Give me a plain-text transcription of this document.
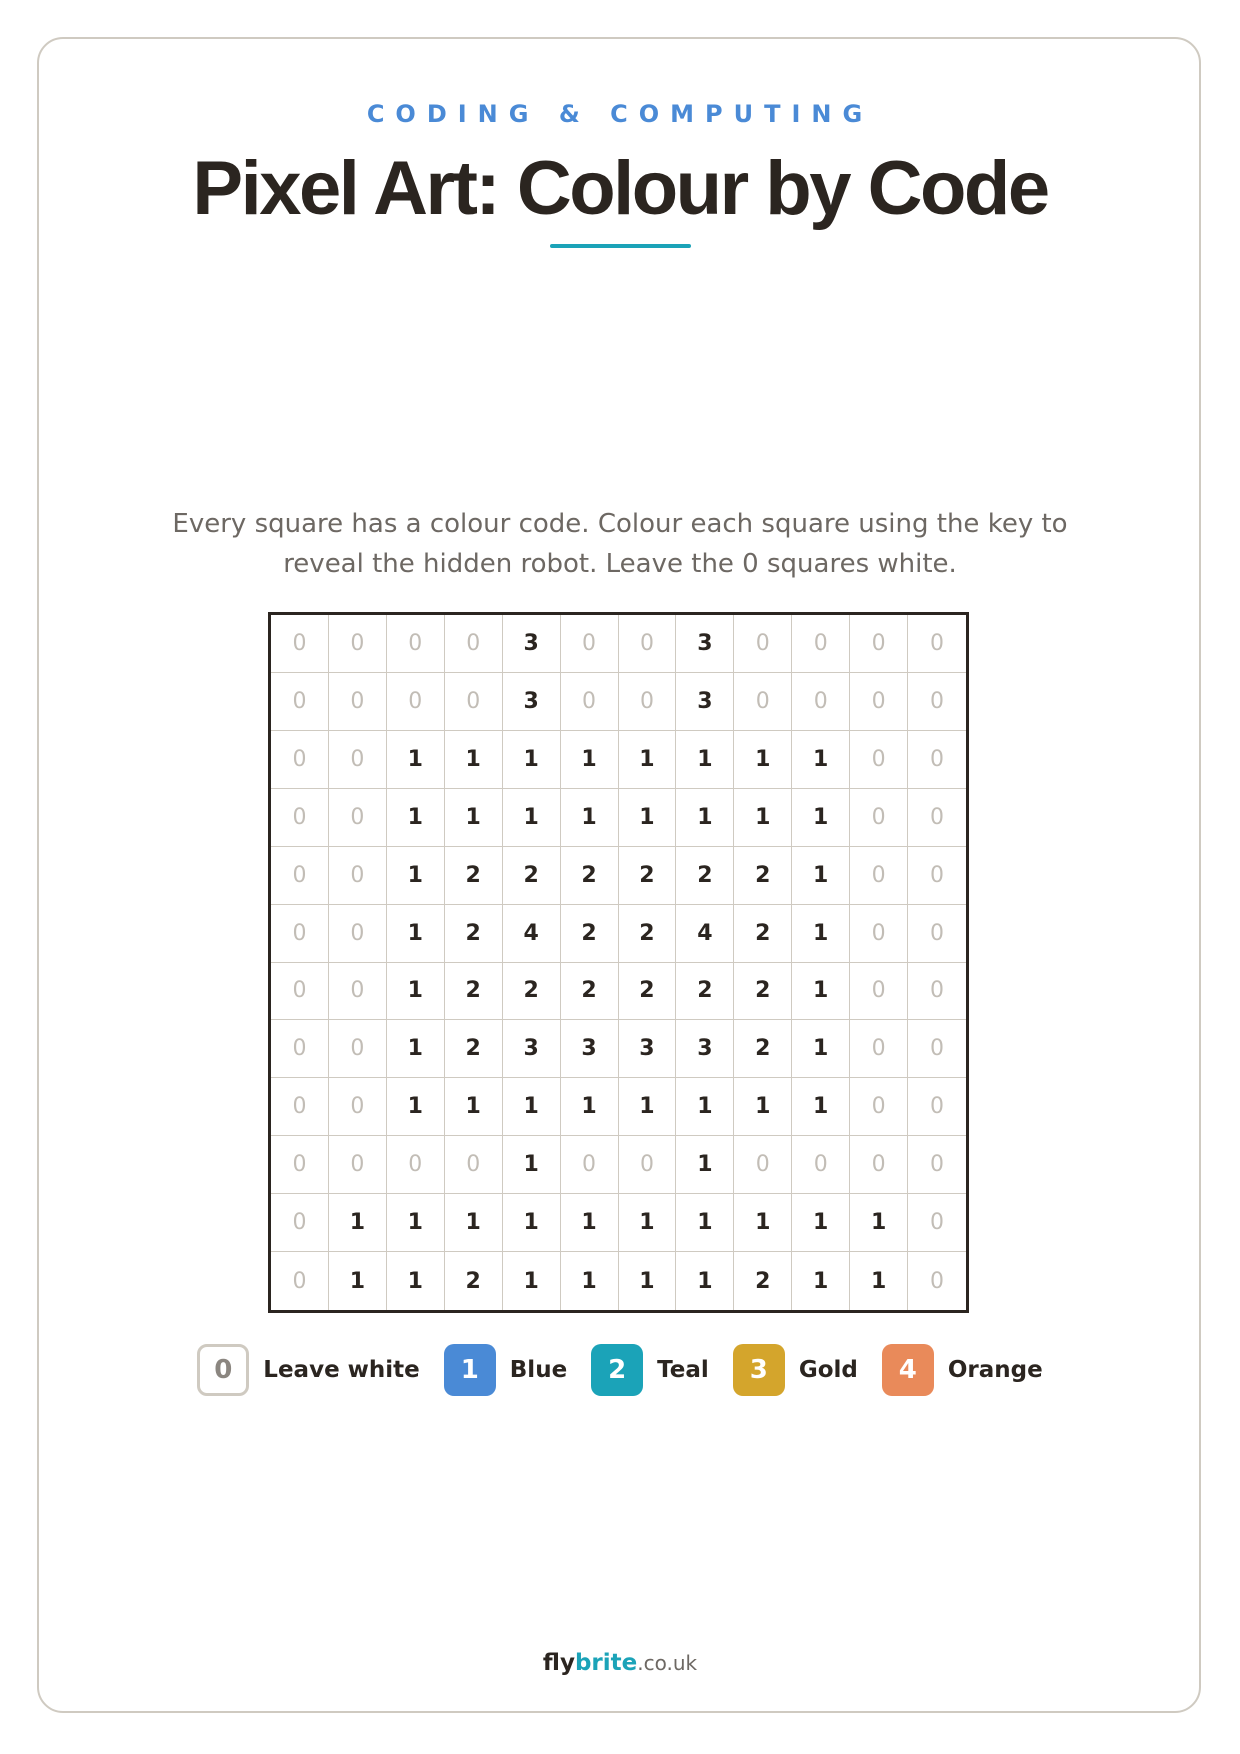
CODING & COMPUTING
Pixel Art: Colour by Code
Every square has a colour code. Colour each square using the key to
reveal the hidden robot. Leave the 0 squares white.
0	0	0	0	3	0	0	3	0	0	0	0
0	0	0	0	3	0	0	3	0	0	0	0
0	0	1	1	1	1	1	1	1	1	0	0
0	0	1	1	1	1	1	1	1	1	0	0
0	0	1	2	2	2	2	2	2	1	0	0
0	0	1	2	4	2	2	4	2	1	0	0
0	0	1	2	2	2	2	2	2	1	0	0
0	0	1	2	3	3	3	3	2	1	0	0
0	0	1	1	1	1	1	1	1	1	0	0
0	0	0	0	1	0	0	1	0	0	0	0
0	1	1	1	1	1	1	1	1	1	1	0
0	1	1	2	1	1	1	1	2	1	1	0
0	Leave white	1	Blue	2	Teal	3	Gold	4	Orange
flybrite.co.uk
